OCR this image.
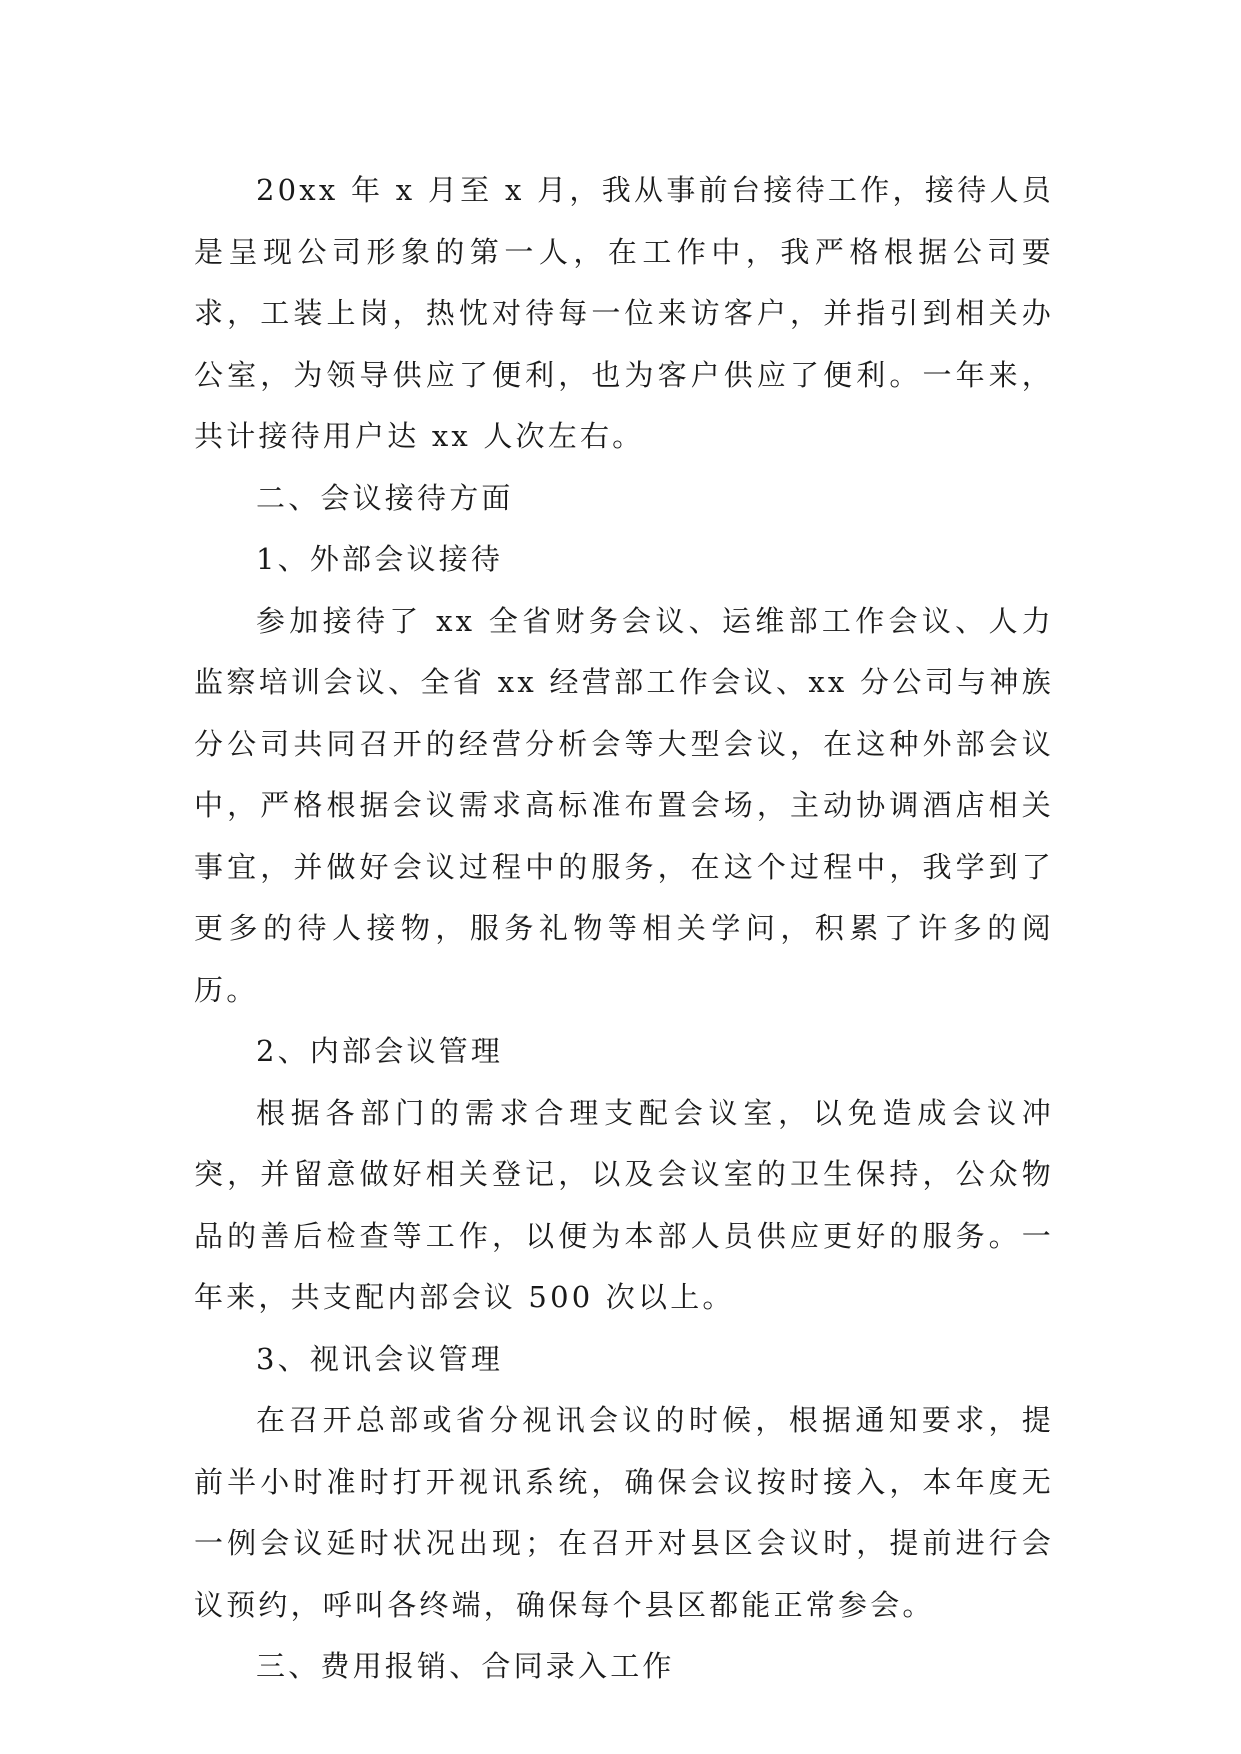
20xx 年 x 月至 x 月，我从事前台接待工作，接待人员是呈现公司形象的第一人，在工作中，我严格根据公司要求，工装上岗，热忱对待每一位来访客户，并指引到相关办公室，为领导供应了便利，也为客户供应了便利。一年来，共计接待用户达 xx 人次左右。

二、会议接待方面

1、外部会议接待

参加接待了 xx 全省财务会议、运维部工作会议、人力监察培训会议、全省 xx 经营部工作会议、xx 分公司与神族分公司共同召开的经营分析会等大型会议，在这种外部会议中，严格根据会议需求高标准布置会场，主动协调酒店相关事宜，并做好会议过程中的服务，在这个过程中，我学到了更多的待人接物，服务礼物等相关学问，积累了许多的阅历。

2、内部会议管理

根据各部门的需求合理支配会议室，以免造成会议冲突，并留意做好相关登记，以及会议室的卫生保持，公众物品的善后检查等工作，以便为本部人员供应更好的服务。一年来，共支配内部会议 500 次以上。

3、视讯会议管理

在召开总部或省分视讯会议的时候，根据通知要求，提前半小时准时打开视讯系统，确保会议按时接入，本年度无一例会议延时状况出现；在召开对县区会议时，提前进行会议预约，呼叫各终端，确保每个县区都能正常参会。

三、费用报销、合同录入工作
